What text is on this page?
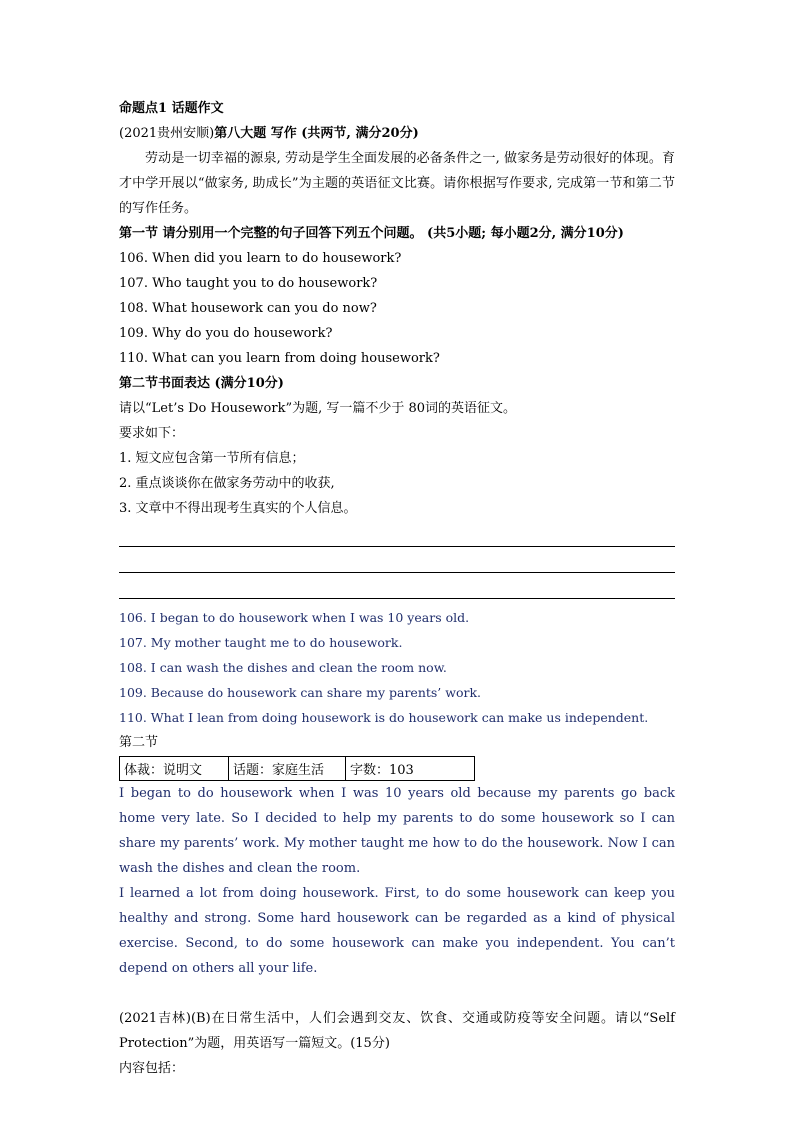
命题点1 话题作文
(2021贵州安顺)第八大题 写作 (共两节, 满分20分)
劳动是一切幸福的源泉, 劳动是学生全面发展的必备条件之一, 做家务是劳动很好的体现。育才中学开展以“做家务, 助成长”为主题的英语征文比赛。请你根据写作要求, 完成第一节和第二节的写作任务。
第一节 请分别用一个完整的句子回答下列五个问题。 (共5小题; 每小题2分, 满分10分)
106. When did you learn to do housework?
107. Who taught you to do housework?
108. What housework can you do now?
109. Why do you do housework?
110. What can you learn from doing housework?
第二节书面表达 (满分10分)
请以“Let’s Do Housework”为题, 写一篇不少于 80词的英语征文。
要求如下：
1. 短文应包含第一节所有信息；
2. 重点谈谈你在做家务劳动中的收获,
3. 文章中不得出现考生真实的个人信息。
106. I began to do housework when I was 10 years old.
107. My mother taught me to do housework.
108. I can wash the dishes and clean the room now.
109. Because do housework can share my parents’ work.
110. What I lean from doing housework is do housework can make us independent.
第二节
体裁：说明文	话题：家庭生活	字数：103
I began to do housework when I was 10 years old because my parents go back home very late. So I decided to help my parents to do some housework so I can share my parents’ work. My mother taught me how to do the housework. Now I can wash the dishes and clean the room.
I learned a lot from doing housework. First, to do some housework can keep you healthy and strong. Some hard housework can be regarded as a kind of physical exercise. Second, to do some housework can make you independent. You can’t depend on others all your life.
(2021吉林)(B)在日常生活中，人们会遇到交友、饮食、交通或防疫等安全问题。请以“Self Protection”为题，用英语写一篇短文。(15分)
内容包括：
